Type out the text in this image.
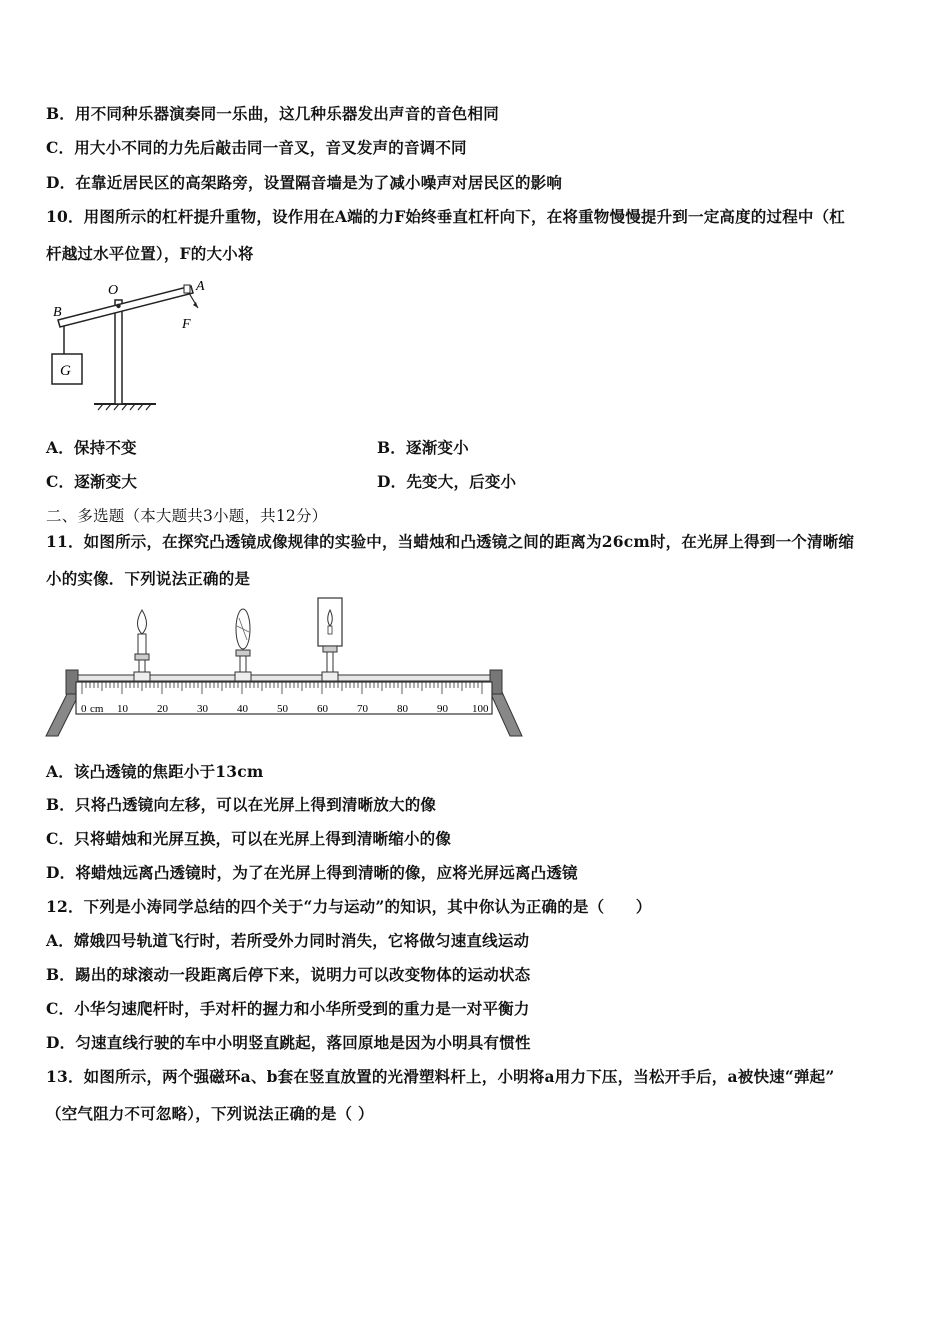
B．用不同种乐器演奏同一乐曲，这几种乐器发出声音的音色相同
C．用大小不同的力先后敲击同一音叉，音叉发声的音调不同
D．在靠近居民区的高架路旁，设置隔音墙是为了减小噪声对居民区的影响
10．用图所示的杠杆提升重物，设作用在A端的力F始终垂直杠杆向下，在将重物慢慢提升到一定高度的过程中（杠
杆越过水平位置），F的大小将
B
O	A
F
G
A．保持不变	B．逐渐变小
C．逐渐变大	D．先变大，后变小
二、多选题（本大题共3小题，共12分）
11．如图所示，在探究凸透镜成像规律的实验中，当蜡烛和凸透镜之间的距离为26cm时，在光屏上得到一个清晰缩
小的实像．下列说法正确的是
0 cm 10	20	30	40	50	60	70	80	90 100
A．该凸透镜的焦距小于13cm
B．只将凸透镜向左移，可以在光屏上得到清晰放大的像
C．只将蜡烛和光屏互换，可以在光屏上得到清晰缩小的像
D．将蜡烛远离凸透镜时，为了在光屏上得到清晰的像，应将光屏远离凸透镜
12．下列是小涛同学总结的四个关于“力与运动”的知识，其中你认为正确的是（　　）
A．嫦娥四号轨道飞行时，若所受外力同时消失，它将做匀速直线运动
B．踢出的球滚动一段距离后停下来，说明力可以改变物体的运动状态
C．小华匀速爬杆时，手对杆的握力和小华所受到的重力是一对平衡力
D．匀速直线行驶的车中小明竖直跳起，落回原地是因为小明具有惯性
13．如图所示，两个强磁环a、b套在竖直放置的光滑塑料杆上，小明将a用力下压，当松开手后，a被快速“弹起”
（空气阻力不可忽略），下列说法正确的是（ ）
